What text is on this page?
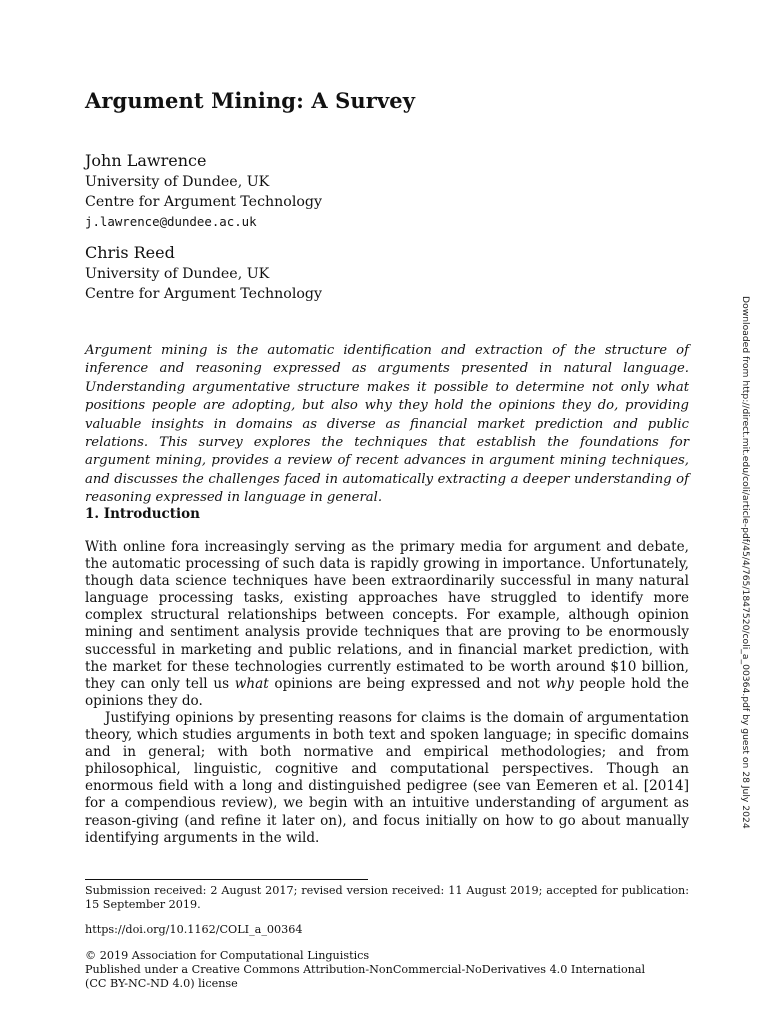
Argument Mining: A Survey
John Lawrence
University of Dundee, UK
Centre for Argument Technology
j.lawrence@dundee.ac.uk
Chris Reed
University of Dundee, UK
Centre for Argument Technology
Downloaded from http://direct.mit.edu/coli/article-pdf/45/4/765/1847520/coli_a_00364.pdf by guest on 28 July 2024

Argument mining is the automatic identification and extraction of the structure of inference and reasoning expressed as arguments presented in natural language. Understanding argumentative structure makes it possible to determine not only what positions people are adopting, but also why they hold the opinions they do, providing valuable insights in domains as diverse as financial market prediction and public relations. This survey explores the techniques that establish the foundations for argument mining, provides a review of recent advances in argument mining techniques, and discusses the challenges faced in automatically extracting a deeper understanding of reasoning expressed in language in general.

1. Introduction

With online fora increasingly serving as the primary media for argument and debate, the automatic processing of such data is rapidly growing in importance. Unfortunately, though data science techniques have been extraordinarily successful in many natural language processing tasks, existing approaches have struggled to identify more complex structural relationships between concepts. For example, although opinion mining and sentiment analysis provide techniques that are proving to be enormously successful in marketing and public relations, and in financial market prediction, with the market for these technologies currently estimated to be worth around $10 billion, they can only tell us what opinions are being expressed and not why people hold the opinions they do.

Justifying opinions by presenting reasons for claims is the domain of argumentation theory, which studies arguments in both text and spoken language; in specific domains and in general; with both normative and empirical methodologies; and from philosophical, linguistic, cognitive and computational perspectives. Though an enormous field with a long and distinguished pedigree (see van Eemeren et al. [2014] for a compendious review), we begin with an intuitive understanding of argument as reason-giving (and refine it later on), and focus initially on how to go about manually identifying arguments in the wild.

Submission received: 2 August 2017; revised version received: 11 August 2019; accepted for publication: 15 September 2019.

https://doi.org/10.1162/COLI_a_00364

© 2019 Association for Computational Linguistics
Published under a Creative Commons Attribution-NonCommercial-NoDerivatives 4.0 International
(CC BY-NC-ND 4.0) license
